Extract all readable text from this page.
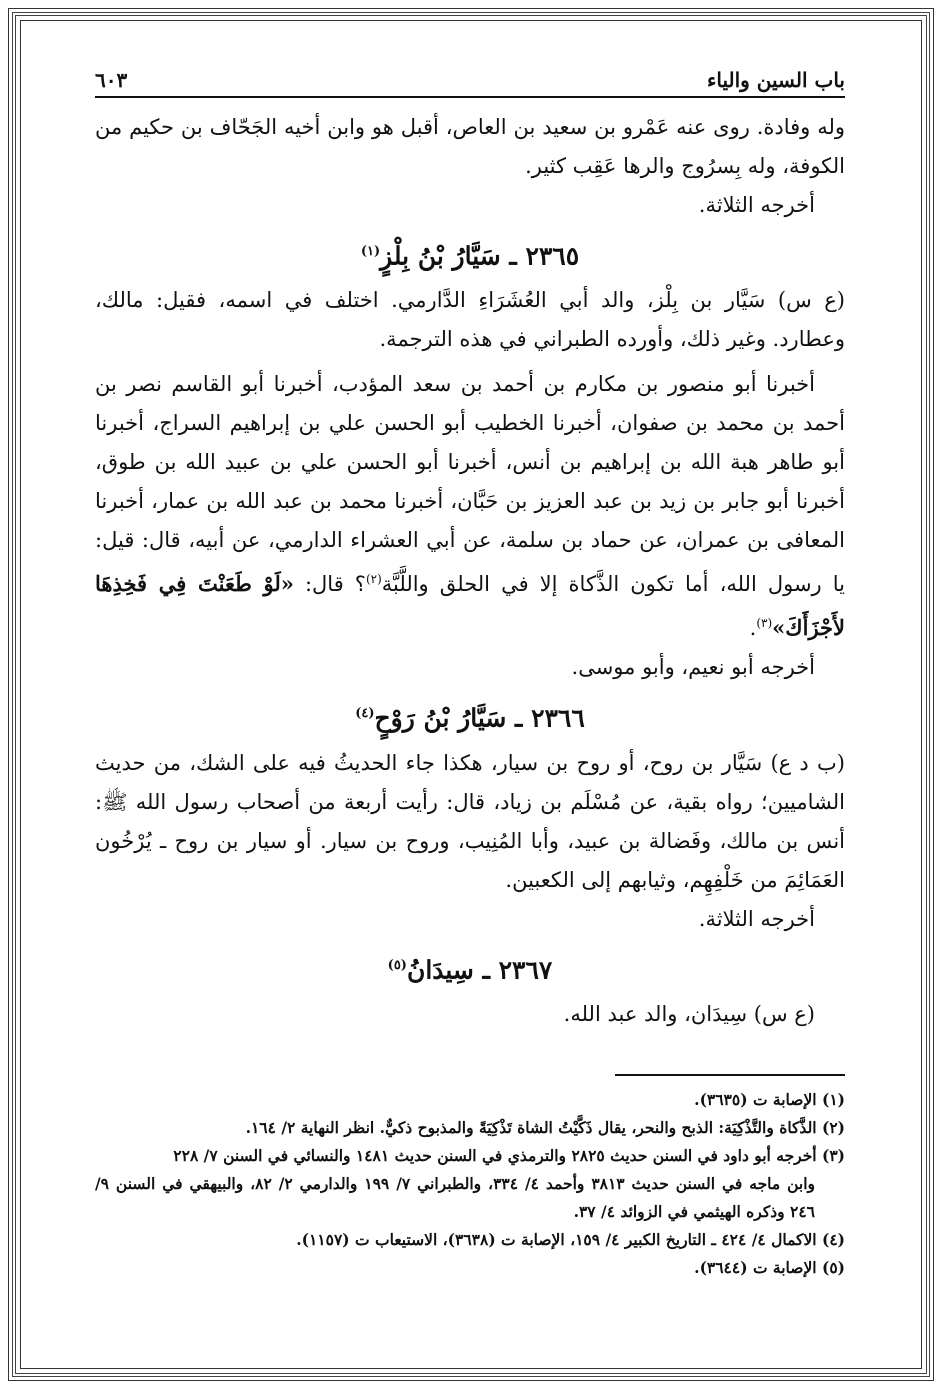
باب السين والياء
٦٠٣

وله وفادة. روى عنه عَمْرو بن سعيد بن العاص، أقبل هو وابن أخيه الجَحّاف بن حكيم من الكوفة، وله بِسرُوج والرها عَقِب كثير.

أخرجه الثلاثة.

٢٣٦٥ ـ سَيَّارُ بْنُ بِلْزٍ$^{(١)}$

(ع س) سَيَّار بن بِلْز، والد أبي العُشَرَاءِ الدَّارمي. اختلف في اسمه، فقيل: مالك، وعطارد. وغير ذلك، وأورده الطبراني في هذه الترجمة.

أخبرنا أبو منصور بن مكارم بن أحمد بن سعد المؤدب، أخبرنا أبو القاسم نصر بن أحمد بن محمد بن صفوان، أخبرنا الخطيب أبو الحسن علي بن إبراهيم السراج، أخبرنا أبو طاهر هبة الله بن إبراهيم بن أنس، أخبرنا أبو الحسن علي بن عبيد الله بن طوق، أخبرنا أبو جابر بن زيد بن عبد العزيز بن حَبَّان، أخبرنا محمد بن عبد الله بن عمار، أخبرنا المعافى بن عمران، عن حماد بن سلمة، عن أبي العشراء الدارمي، عن أبيه، قال: قيل: يا رسول الله، أما تكون الذَّكاة إلا في الحلق واللَّبَّة$^{(٢)}$؟ قال: «لَوْ طَعَنْتَ فِي فَخِذِهَا لأَجْزَأَكَ»$^{(٣)}$.

أخرجه أبو نعيم، وأبو موسى.

٢٣٦٦ ـ سَيَّارُ بْنُ رَوْحٍ$^{(٤)}$

(ب د ع) سَيَّار بن روح، أو روح بن سيار، هكذا جاء الحديثُ فيه على الشك، من حديث الشاميين؛ رواه بقية، عن مُسْلَم بن زياد، قال: رأيت أربعة من أصحاب رسول الله ﷺ: أنس بن مالك، وفَضالة بن عبيد، وأبا المُنِيب، وروح بن سيار. أو سيار بن روح ـ يُرْخُون العَمَائِمَ من خَلْفِهِم، وثيابهم إلى الكعبين.

أخرجه الثلاثة.

٢٣٦٧ ـ سِيدَانُ$^{(٥)}$

(ع س) سِيدَان، والد عبد الله.

(١) الإصابة ت (٣٦٣٥).

(٢) الذَّكاة والتَّذْكِيَة: الذبح والنحر، يقال ذَكَّيْتُ الشاة تَذْكِيَةً والمذبوح ذكيٌّ. انظر النهاية ٢/ ١٦٤.

(٣) أخرجه أبو داود في السنن حديث ٢٨٢٥ والترمذي في السنن حديث ١٤٨١ والنسائي في السنن ٧/ ٢٢٨

وابن ماجه في السنن حديث ٣٨١٣ وأحمد ٤/ ٣٣٤، والطبراني ٧/ ١٩٩ والدارمي ٢/ ٨٢، والبيهقي في السنن ٩/ ٢٤٦ وذكره الهيثمي في الزوائد ٤/ ٣٧.

(٤) الاكمال ٤/ ٤٢٤ ـ التاريخ الكبير ٤/ ١٥٩، الإصابة ت (٣٦٣٨)، الاستيعاب ت (١١٥٧).

(٥) الإصابة ت (٣٦٤٤).
